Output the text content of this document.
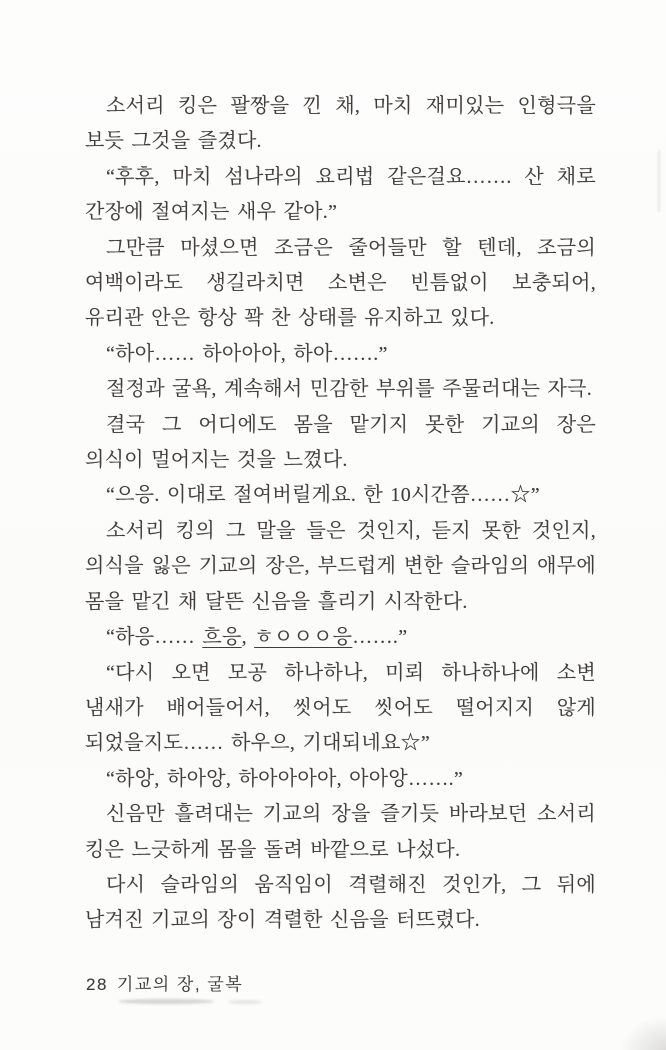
소서리 킹은 팔짱을 낀 채, 마치 재미있는 인형극을 보듯 그것을 즐겼다.

“후후, 마치 섬나라의 요리법 같은걸요……. 산 채로 간장에 절여지는 새우 같아.”

그만큼 마셨으면 조금은 줄어들만 할 텐데, 조금의 여백이라도 생길라치면 소변은 빈틈없이 보충되어, 유리관 안은 항상 꽉 찬 상태를 유지하고 있다.

“하아…… 하아아아, 하아…….”

절정과 굴욕, 계속해서 민감한 부위를 주물러대는 자극.

결국 그 어디에도 몸을 맡기지 못한 기교의 장은 의식이 멀어지는 것을 느꼈다.

“으응. 이대로 절여버릴게요. 한 10시간쯤……☆”

소서리 킹의 그 말을 들은 것인지, 듣지 못한 것인지, 의식을 잃은 기교의 장은, 부드럽게 변한 슬라임의 애무에 몸을 맡긴 채 달뜬 신음을 흘리기 시작한다.

“하응…… 흐응, ㅎㅇㅇㅇ응…….”

“다시 오면 모공 하나하나, 미뢰 하나하나에 소변 냄새가 배어들어서, 씻어도 씻어도 떨어지지 않게 되었을지도…… 하우으, 기대되네요☆”

“하앙, 하아앙, 하아아아아, 아아앙…….”

신음만 흘려대는 기교의 장을 즐기듯 바라보던 소서리 킹은 느긋하게 몸을 돌려 바깥으로 나섰다.

다시 슬라임의 움직임이 격렬해진 것인가, 그 뒤에 남겨진 기교의 장이 격렬한 신음을 터뜨렸다.

28 기교의 장, 굴복
